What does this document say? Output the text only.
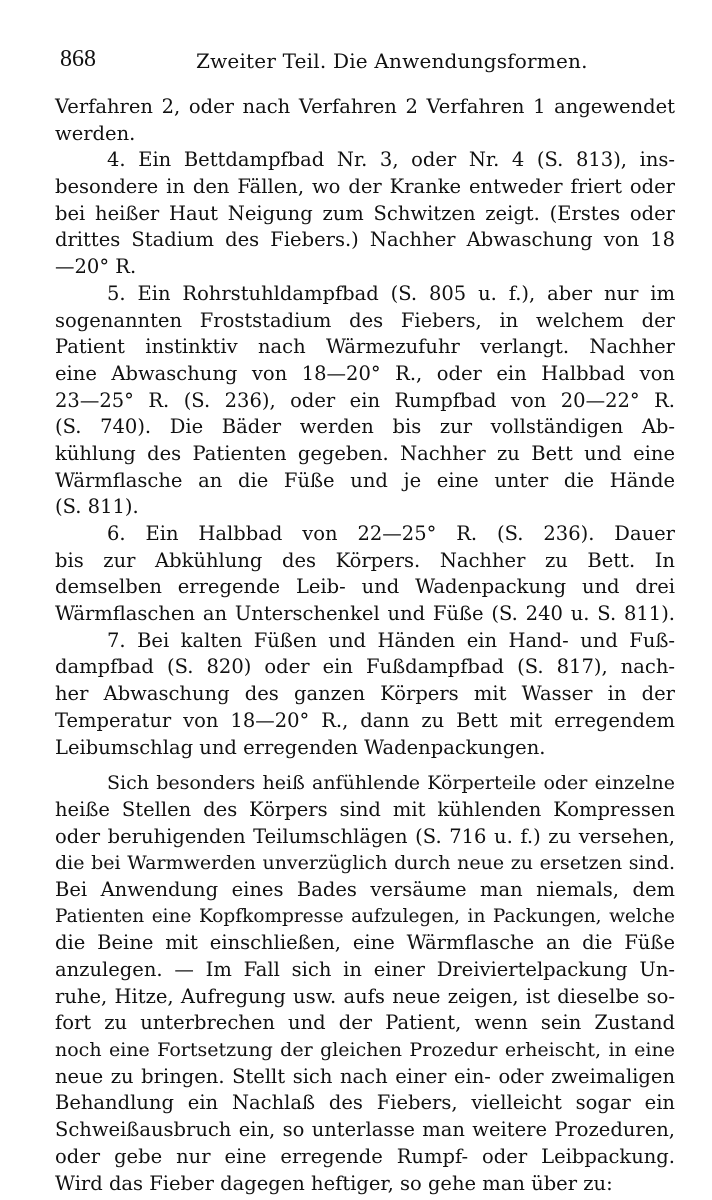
868	Zweiter Teil. Die Anwendungsformen.
Verfahren 2, oder nach Verfahren 2 Verfahren 1 angewendet
werden.
4. Ein Bettdampfbad Nr. 3, oder Nr. 4 (S. 813), ins-
besondere in den Fällen, wo der Kranke entweder friert oder
bei heißer Haut Neigung zum Schwitzen zeigt. (Erstes oder
drittes Stadium des Fiebers.) Nachher Abwaschung von 18
—20° R.
5. Ein Rohrstuhldampfbad (S. 805 u. f.), aber nur im
sogenannten Froststadium des Fiebers, in welchem der
Patient instinktiv nach Wärmezufuhr verlangt. Nachher
eine Abwaschung von 18—20° R., oder ein Halbbad von
23—25° R. (S. 236), oder ein Rumpfbad von 20—22° R.
(S. 740). Die Bäder werden bis zur vollständigen Ab-
kühlung des Patienten gegeben. Nachher zu Bett und eine
Wärmflasche an die Füße und je eine unter die Hände
(S. 811).
6. Ein Halbbad von 22—25° R. (S. 236). Dauer
bis zur Abkühlung des Körpers. Nachher zu Bett. In
demselben erregende Leib- und Wadenpackung und drei
Wärmflaschen an Unterschenkel und Füße (S. 240 u. S. 811).
7. Bei kalten Füßen und Händen ein Hand- und Fuß-
dampfbad (S. 820) oder ein Fußdampfbad (S. 817), nach-
her Abwaschung des ganzen Körpers mit Wasser in der
Temperatur von 18—20° R., dann zu Bett mit erregendem
Leibumschlag und erregenden Wadenpackungen.
Sich besonders heiß anfühlende Körperteile oder einzelne
heiße Stellen des Körpers sind mit kühlenden Kompressen
oder beruhigenden Teilumschlägen (S. 716 u. f.) zu versehen,
die bei Warmwerden unverzüglich durch neue zu ersetzen sind.
Bei Anwendung eines Bades versäume man niemals, dem
Patienten eine Kopfkompresse aufzulegen, in Packungen, welche
die Beine mit einschließen, eine Wärmflasche an die Füße
anzulegen. — Im Fall sich in einer Dreiviertelpackung Un-
ruhe, Hitze, Aufregung usw. aufs neue zeigen, ist dieselbe so-
fort zu unterbrechen und der Patient, wenn sein Zustand
noch eine Fortsetzung der gleichen Prozedur erheischt, in eine
neue zu bringen. Stellt sich nach einer ein- oder zweimaligen
Behandlung ein Nachlaß des Fiebers, vielleicht sogar ein
Schweißausbruch ein, so unterlasse man weitere Prozeduren,
oder gebe nur eine erregende Rumpf- oder Leibpackung.
Wird das Fieber dagegen heftiger, so gehe man über zu:
